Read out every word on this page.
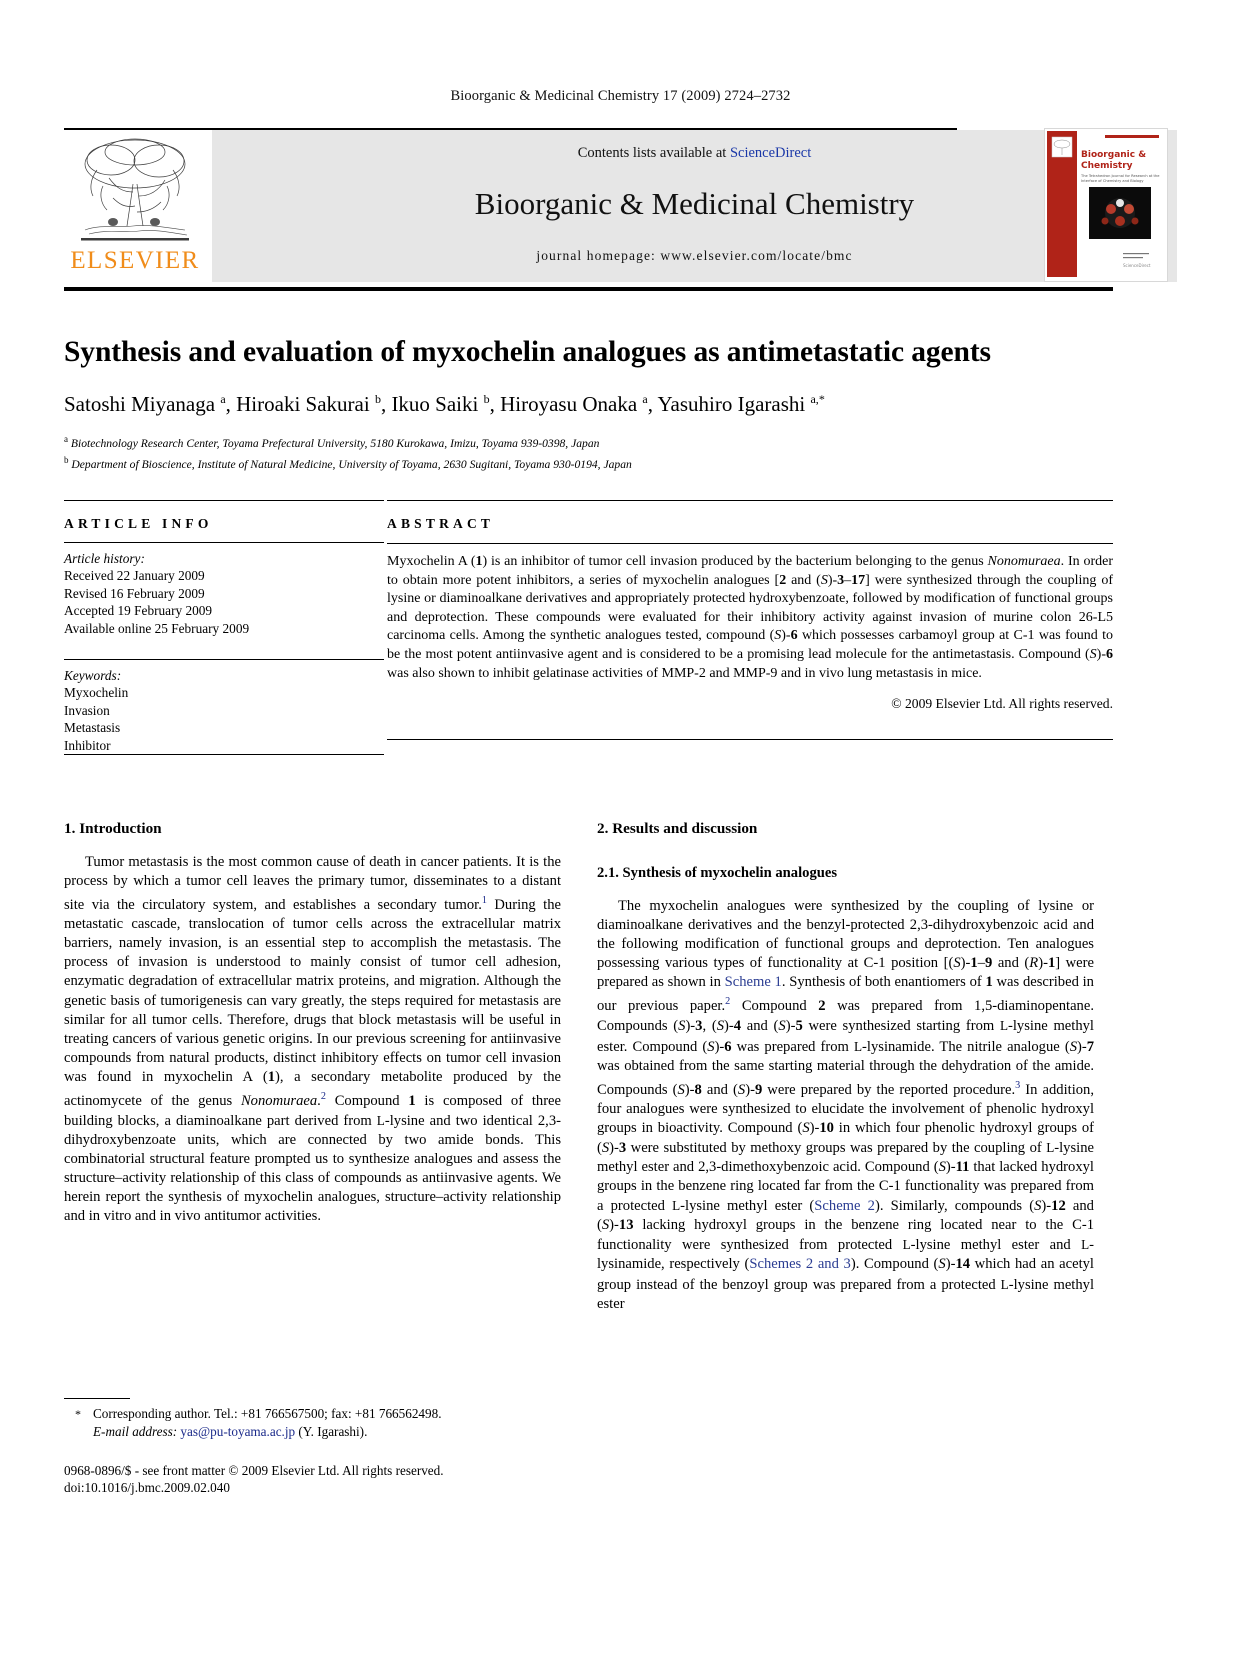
Bioorganic & Medicinal Chemistry 17 (2009) 2724–2732
ELSEVIER
Contents lists available at ScienceDirect
Bioorganic & Medicinal Chemistry
journal homepage: www.elsevier.com/locate/bmc
Bioorganic &
Chemistry
The Tetrahedron Journal for Research at the
Interface of Chemistry and Biology
ScienceDirect
Synthesis and evaluation of myxochelin analogues as antimetastatic agents
Satoshi Miyanaga $^a$, Hiroaki Sakurai $^b$, Ikuo Saiki $^b$, Hiroyasu Onaka $^a$, Yasuhiro Igarashi $^{a,*}$
$^a$ Biotechnology Research Center, Toyama Prefectural University, 5180 Kurokawa, Imizu, Toyama 939-0398, Japan
$^b$ Department of Bioscience, Institute of Natural Medicine, University of Toyama, 2630 Sugitani, Toyama 930-0194, Japan
ARTICLE INFO
Article history:
Received 22 January 2009
Revised 16 February 2009
Accepted 19 February 2009
Available online 25 February 2009
Keywords:
Myxochelin
Invasion
Metastasis
Inhibitor
ABSTRACT
Myxochelin A (1) is an inhibitor of tumor cell invasion produced by the bacterium belonging to the genus Nonomuraea. In order to obtain more potent inhibitors, a series of myxochelin analogues [2 and (S)-3–17] were synthesized through the coupling of lysine or diaminoalkane derivatives and appropriately protected hydroxybenzoate, followed by modification of functional groups and deprotection. These compounds were evaluated for their inhibitory activity against invasion of murine colon 26-L5 carcinoma cells. Among the synthetic analogues tested, compound (S)-6 which possesses carbamoyl group at C-1 was found to be the most potent antiinvasive agent and is considered to be a promising lead molecule for the antimetastasis. Compound (S)-6 was also shown to inhibit gelatinase activities of MMP-2 and MMP-9 and in vivo lung metastasis in mice.
© 2009 Elsevier Ltd. All rights reserved.
1. Introduction

Tumor metastasis is the most common cause of death in cancer patients. It is the process by which a tumor cell leaves the primary tumor, disseminates to a distant site via the circulatory system, and establishes a secondary tumor.$^1$ During the metastatic cascade, translocation of tumor cells across the extracellular matrix barriers, namely invasion, is an essential step to accomplish the metastasis. The process of invasion is understood to mainly consist of tumor cell adhesion, enzymatic degradation of extracellular matrix proteins, and migration. Although the genetic basis of tumorigenesis can vary greatly, the steps required for metastasis are similar for all tumor cells. Therefore, drugs that block metastasis will be useful in treating cancers of various genetic origins. In our previous screening for antiinvasive compounds from natural products, distinct inhibitory effects on tumor cell invasion was found in myxochelin A (1), a secondary metabolite produced by the actinomycete of the genus Nonomuraea.$^2$ Compound 1 is composed of three building blocks, a diaminoalkane part derived from L-lysine and two identical 2,3-dihydroxybenzoate units, which are connected by two amide bonds. This combinatorial structural feature prompted us to synthesize analogues and assess the structure–activity relationship of this class of compounds as antiinvasive agents. We herein report the synthesis of myxochelin analogues, structure–activity relationship and in vitro and in vivo antitumor activities.

2. Results and discussion
2.1. Synthesis of myxochelin analogues

The myxochelin analogues were synthesized by the coupling of lysine or diaminoalkane derivatives and the benzyl-protected 2,3-dihydroxybenzoic acid and the following modification of functional groups and deprotection. Ten analogues possessing various types of functionality at C-1 position [(S)-1–9 and (R)-1] were prepared as shown in Scheme 1. Synthesis of both enantiomers of 1 was described in our previous paper.$^2$ Compound 2 was prepared from 1,5-diaminopentane. Compounds (S)-3, (S)-4 and (S)-5 were synthesized starting from L-lysine methyl ester. Compound (S)-6 was prepared from L-lysinamide. The nitrile analogue (S)-7 was obtained from the same starting material through the dehydration of the amide. Compounds (S)-8 and (S)-9 were prepared by the reported procedure.$^3$ In addition, four analogues were synthesized to elucidate the involvement of phenolic hydroxyl groups in bioactivity. Compound (S)-10 in which four phenolic hydroxyl groups of (S)-3 were substituted by methoxy groups was prepared by the coupling of L-lysine methyl ester and 2,3-dimethoxybenzoic acid. Compound (S)-11 that lacked hydroxyl groups in the benzene ring located far from the C-1 functionality was prepared from a protected L-lysine methyl ester (Scheme 2). Similarly, compounds (S)-12 and (S)-13 lacking hydroxyl groups in the benzene ring located near to the C-1 functionality were synthesized from protected L-lysine methyl ester and L-lysinamide, respectively (Schemes 2 and 3). Compound (S)-14 which had an acetyl group instead of the benzoyl group was prepared from a protected L-lysine methyl ester

* Corresponding author. Tel.: +81 766567500; fax: +81 766562498.
E-mail address: yas@pu-toyama.ac.jp (Y. Igarashi).
0968-0896/$ - see front matter © 2009 Elsevier Ltd. All rights reserved.
doi:10.1016/j.bmc.2009.02.040
